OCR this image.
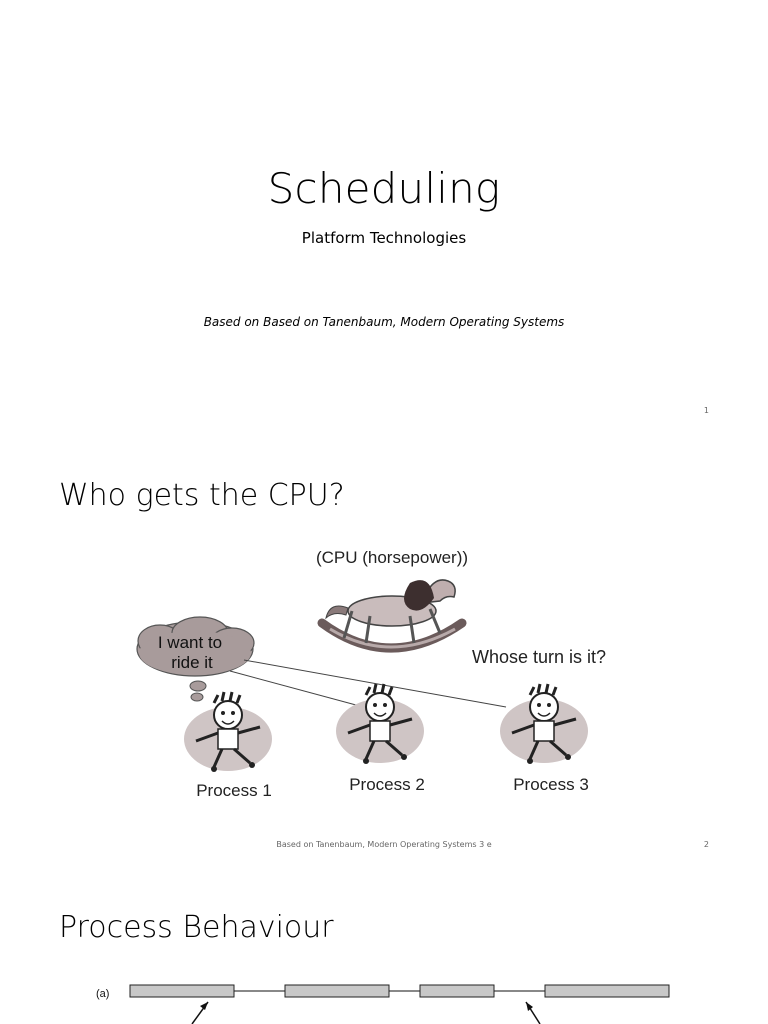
Scheduling
Platform Technologies
Based on Based on Tanenbaum, Modern Operating Systems
1
Who gets the CPU?
(CPU (horsepower))
I want to
ride it	Whose turn is it?
Process 1	Process 2	Process 3
Based on Tanenbaum, Modern Operating Systems 3 e	2
Process Behaviour
(a)
